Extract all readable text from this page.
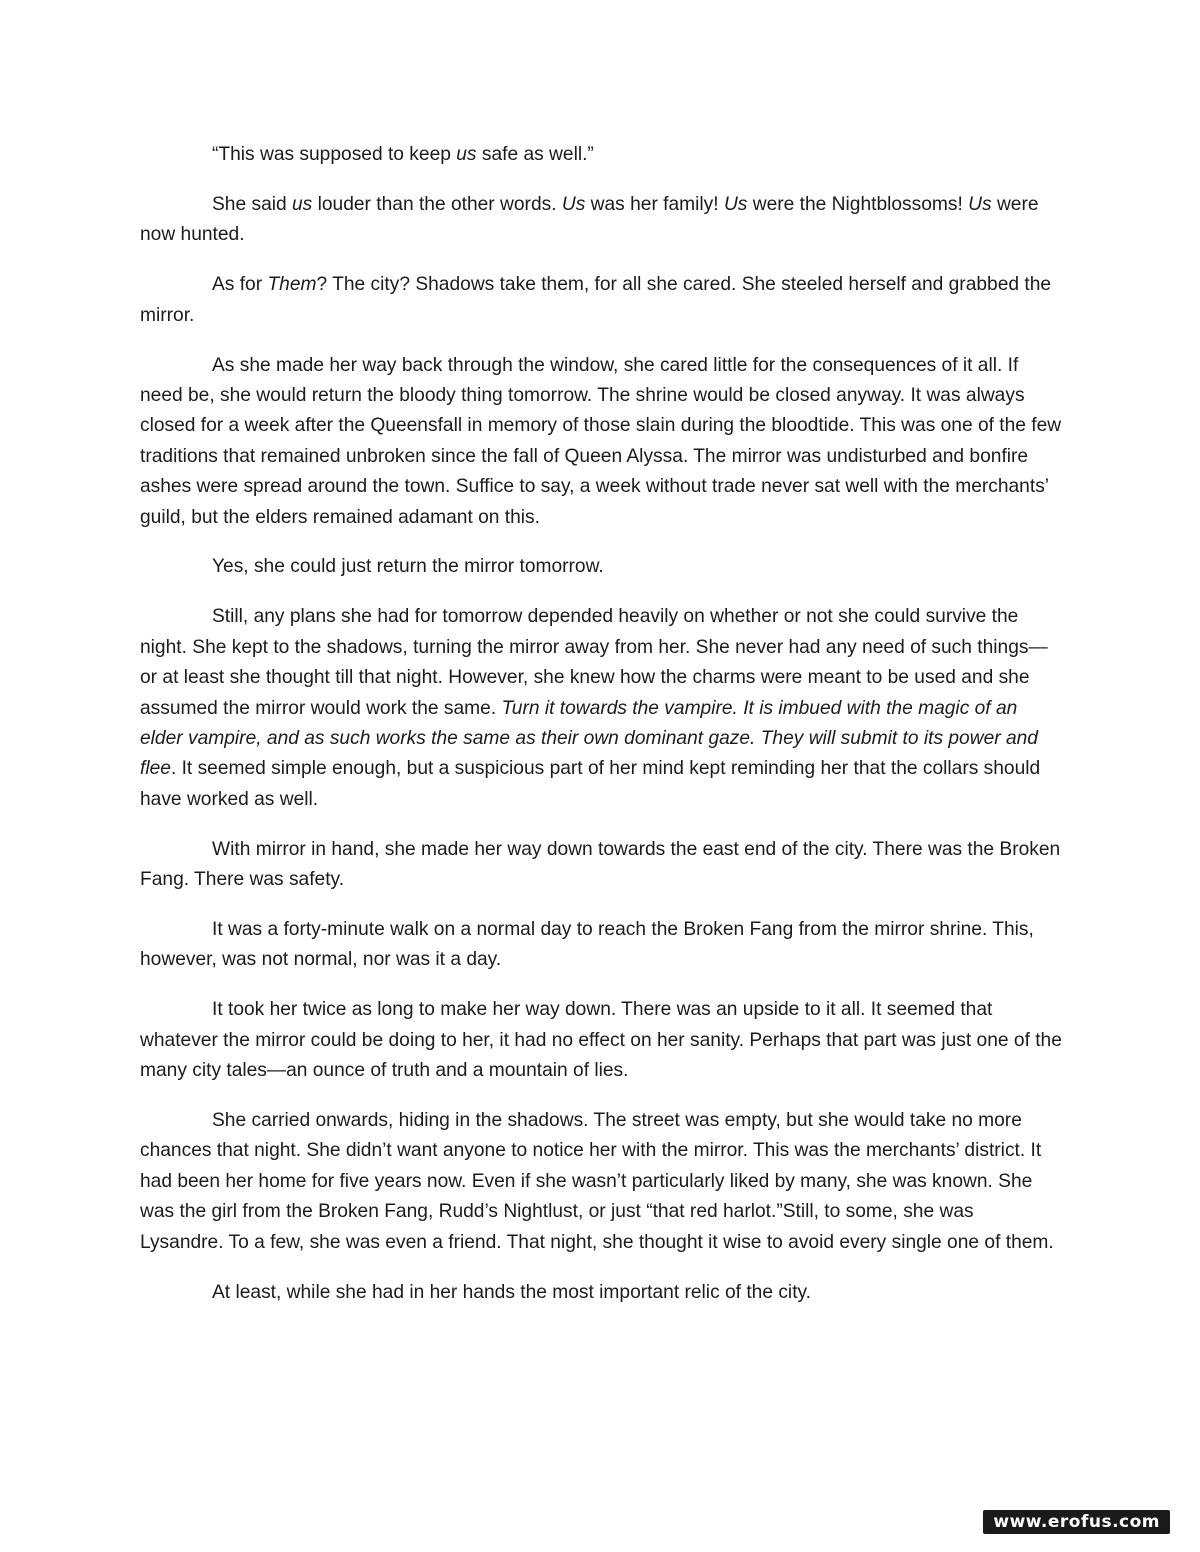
“This was supposed to keep us safe as well.”

She said us louder than the other words. Us was her family! Us were the Nightblossoms! Us were now hunted.

As for Them? The city? Shadows take them, for all she cared. She steeled herself and grabbed the mirror.

As she made her way back through the window, she cared little for the consequences of it all. If need be, she would return the bloody thing tomorrow. The shrine would be closed anyway. It was always closed for a week after the Queensfall in memory of those slain during the bloodtide. This was one of the few traditions that remained unbroken since the fall of Queen Alyssa. The mirror was undisturbed and bonfire ashes were spread around the town. Suffice to say, a week without trade never sat well with the merchants’ guild, but the elders remained adamant on this.

Yes, she could just return the mirror tomorrow.

Still, any plans she had for tomorrow depended heavily on whether or not she could survive the night. She kept to the shadows, turning the mirror away from her. She never had any need of such things—or at least she thought till that night. However, she knew how the charms were meant to be used and she assumed the mirror would work the same. Turn it towards the vampire. It is imbued with the magic of an elder vampire, and as such works the same as their own dominant gaze. They will submit to its power and flee. It seemed simple enough, but a suspicious part of her mind kept reminding her that the collars should have worked as well.

With mirror in hand, she made her way down towards the east end of the city. There was the Broken Fang. There was safety.

It was a forty-minute walk on a normal day to reach the Broken Fang from the mirror shrine. This, however, was not normal, nor was it a day.

It took her twice as long to make her way down. There was an upside to it all. It seemed that whatever the mirror could be doing to her, it had no effect on her sanity. Perhaps that part was just one of the many city tales—an ounce of truth and a mountain of lies.

She carried onwards, hiding in the shadows. The street was empty, but she would take no more chances that night. She didn’t want anyone to notice her with the mirror. This was the merchants’ district. It had been her home for five years now. Even if she wasn’t particularly liked by many, she was known. She was the girl from the Broken Fang, Rudd’s Nightlust, or just “that red harlot.”Still, to some, she was Lysandre. To a few, she was even a friend. That night, she thought it wise to avoid every single one of them.

At least, while she had in her hands the most important relic of the city.

www.erofus.com
